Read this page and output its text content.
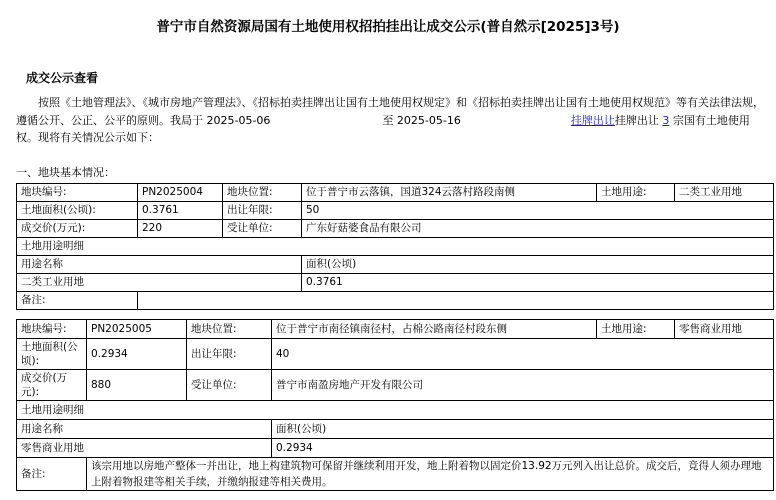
普宁市自然资源局国有土地使用权招拍挂出让成交公示(普自然示[2025]3号)
成交公示查看
按照《土地管理法》、《城市房地产管理法》、《招标拍卖挂牌出让国有土地使用权规定》和《招标拍卖挂牌出让国有土地使用权规范》等有关法律法规，遵循公开、公正、公平的原则。我局于 2025-05-06	至 2025-05-16	挂牌出让挂牌出让 3 宗国有土地使用权。现将有关情况公示如下：
一、地块基本情况：
地块编号:	PN2025004	地块位置:	位于普宁市云落镇，国道324云落村路段南侧	土地用途:	二类工业用地
土地面积(公顷):	0.3761	出让年限:	50		
成交价(万元):	220	受让单位:	广东好菇婆食品有限公司		
土地用途明细					
用途名称			面积(公顷)		
二类工业用地			0.3761		
备注:					
地块编号:	PN2025005	地块位置:	位于普宁市南径镇南径村，占棉公路南径村段东侧	土地用途:	零售商业用地
土地面积(公顷):	0.2934	出让年限:	40		
成交价(万元):	880	受让单位:	普宁市南盈房地产开发有限公司		
土地用途明细					
用途名称			面积(公顷)		
零售商业用地			0.2934		
备注:	该宗用地以房地产整体一并出让，地上构建筑物可保留并继续利用开发，地上附着物以固定价13.92万元列入出让总价。成交后，竞得人须办理地上附着物报建等相关手续，并缴纳报建等相关费用。				
